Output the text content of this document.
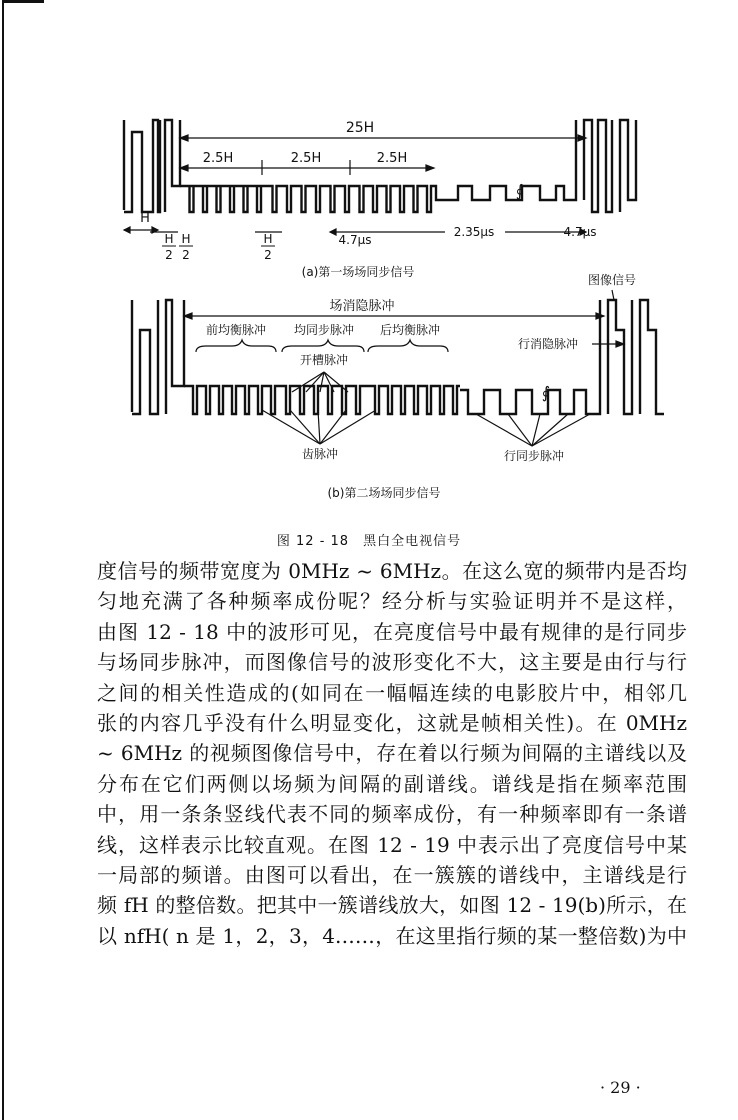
25H
2.5H	2.5H	2.5H
H
H
2
H
2
H
2
4.7μs
2.35μs	4.7μs
∮
(a)第一场场同步信号
图像信号
场消隐脉冲
前均衡脉冲 均同步脉冲 后均衡脉冲
开槽脉冲
行消隐脉冲
齿脉冲	行同步脉冲
∮
(b)第二场场同步信号
图 12 - 18　黑白全电视信号
度信号的频带宽度为 0MHz ~ 6MHz。在这么宽的频带内是否均
匀地充满了各种频率成份呢？经分析与实验证明并不是这样，
由图 12 - 18 中的波形可见，在亮度信号中最有规律的是行同步
与场同步脉冲，而图像信号的波形变化不大，这主要是由行与行
之间的相关性造成的(如同在一幅幅连续的电影胶片中，相邻几
张的内容几乎没有什么明显变化，这就是帧相关性)。在 0MHz
~ 6MHz 的视频图像信号中，存在着以行频为间隔的主谱线以及
分布在它们两侧以场频为间隔的副谱线。谱线是指在频率范围
中，用一条条竖线代表不同的频率成份，有一种频率即有一条谱
线，这样表示比较直观。在图 12 - 19 中表示出了亮度信号中某
一局部的频谱。由图可以看出，在一簇簇的谱线中，主谱线是行
频 fH 的整倍数。把其中一簇谱线放大，如图 12 - 19(b)所示，在
以 nfH( n 是 1，2，3，4……，在这里指行频的某一整倍数)为中
· 29 ·
